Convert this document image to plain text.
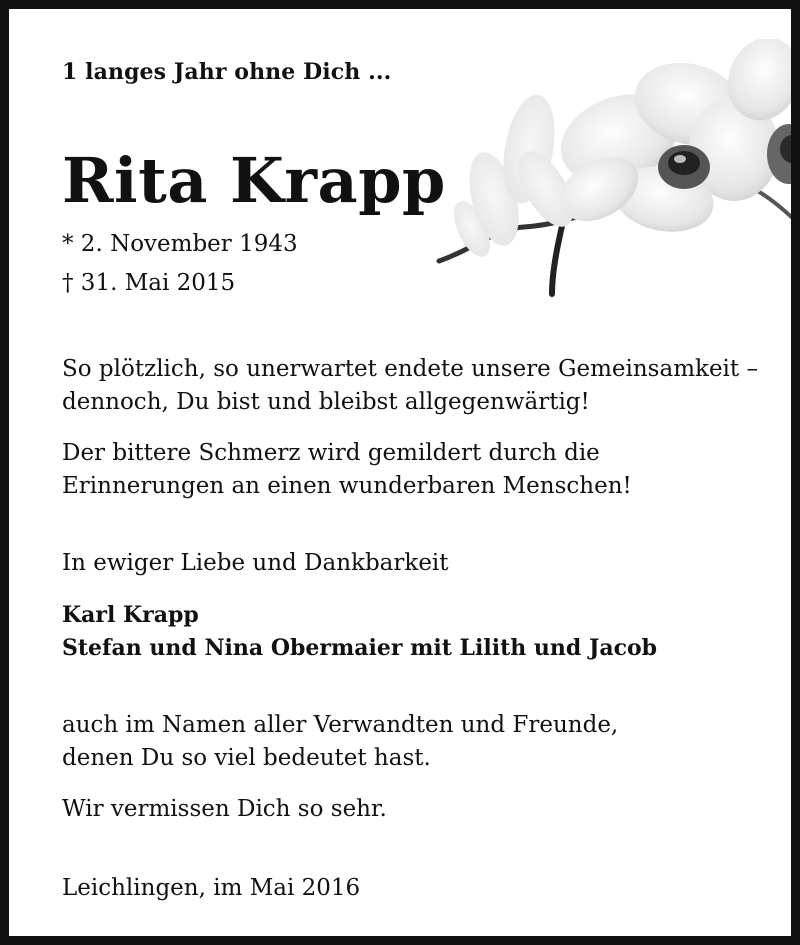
1 langes Jahr ohne Dich ...
Rita Krapp
* 2. November 1943
† 31. Mai 2015
So plötzlich, so unerwartet endete unsere Gemeinsamkeit –
dennoch, Du bist und bleibst allgegenwärtig!
Der bittere Schmerz wird gemildert durch die
Erinnerungen an einen wunderbaren Menschen!
In ewiger Liebe und Dankbarkeit
Karl Krapp
Stefan und Nina Obermaier mit Lilith und Jacob
auch im Namen aller Verwandten und Freunde,
denen Du so viel bedeutet hast.
Wir vermissen Dich so sehr.
Leichlingen, im Mai 2016
